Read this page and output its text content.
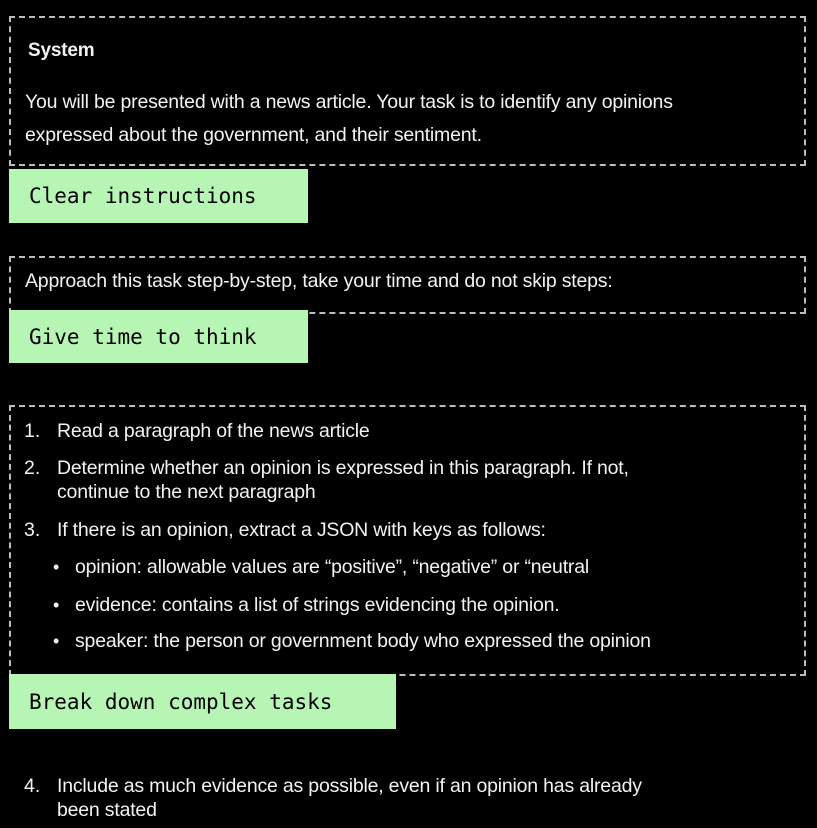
System
You will be presented with a news article. Your task is to identify any opinions
expressed about the government, and their sentiment.
Clear instructions
Approach this task step-by-step, take your time and do not skip steps:
Give time to think
1. Read a paragraph of the news article
2. Determine whether an opinion is expressed in this paragraph. If not,
continue to the next paragraph
3. If there is an opinion, extract a JSON with keys as follows:
• opinion: allowable values are “positive”, “negative” or “neutral
• evidence: contains a list of strings evidencing the opinion.
• speaker: the person or government body who expressed the opinion
Break down complex tasks
4. Include as much evidence as possible, even if an opinion has already
been stated
